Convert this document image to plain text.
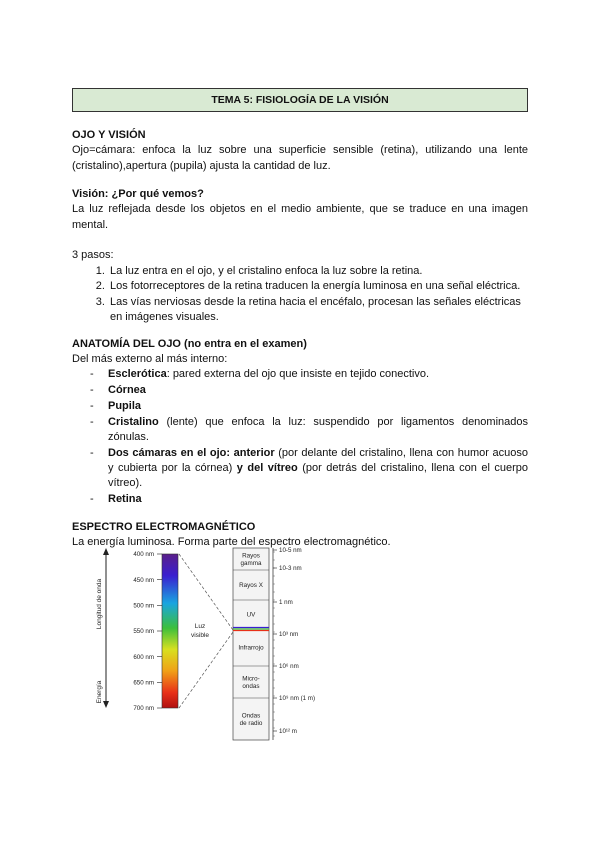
TEMA 5: FISIOLOGÍA DE LA VISIÓN
OJO Y VISIÓN

Ojo=cámara: enfoca la luz sobre una superficie sensible (retina), utilizando una lente (cristalino),apertura (pupila) ajusta la cantidad de luz.

Visión: ¿Por qué vemos?

La luz reflejada desde los objetos en el medio ambiente, que se traduce en una imagen mental.

3 pasos:

1. La luz entra en el ojo, y el cristalino enfoca la luz sobre la retina.
2. Los fotorreceptores de la retina traducen la energía luminosa en una señal eléctrica.
3. Las vías nerviosas desde la retina hacia el encéfalo, procesan las señales eléctricas en imágenes visuales.
ANATOMÍA DEL OJO (no entra en el examen)

Del más externo al más interno:

- Esclerótica: pared externa del ojo que insiste en tejido conectivo.
- Córnea
- Pupila
- Cristalino (lente) que enfoca la luz: suspendido por ligamentos denominados zónulas.
- Dos cámaras en el ojo: anterior (por delante del cristalino, llena con humor acuoso y cubierta por la córnea) y del vítreo (por detrás del cristalino, llena con el cuerpo vítreo).
- Retina
ESPECTRO ELECTROMAGNÉTICO

La energía luminosa. Forma parte del espectro electromagnético.

Longitud de onda
Energía
400 nm
450 nm
500 nm
550 nm
600 nm
650 nm
700 nm
Luz
visible
Rayos
gamma
Rayos X
UV
Infrarrojo
Micro-
ondas
Ondas
de radio
10-5 nm
10-3 nm
1 nm
10³ nm
10⁶ nm
10⁹ nm (1 m)
10¹² m
